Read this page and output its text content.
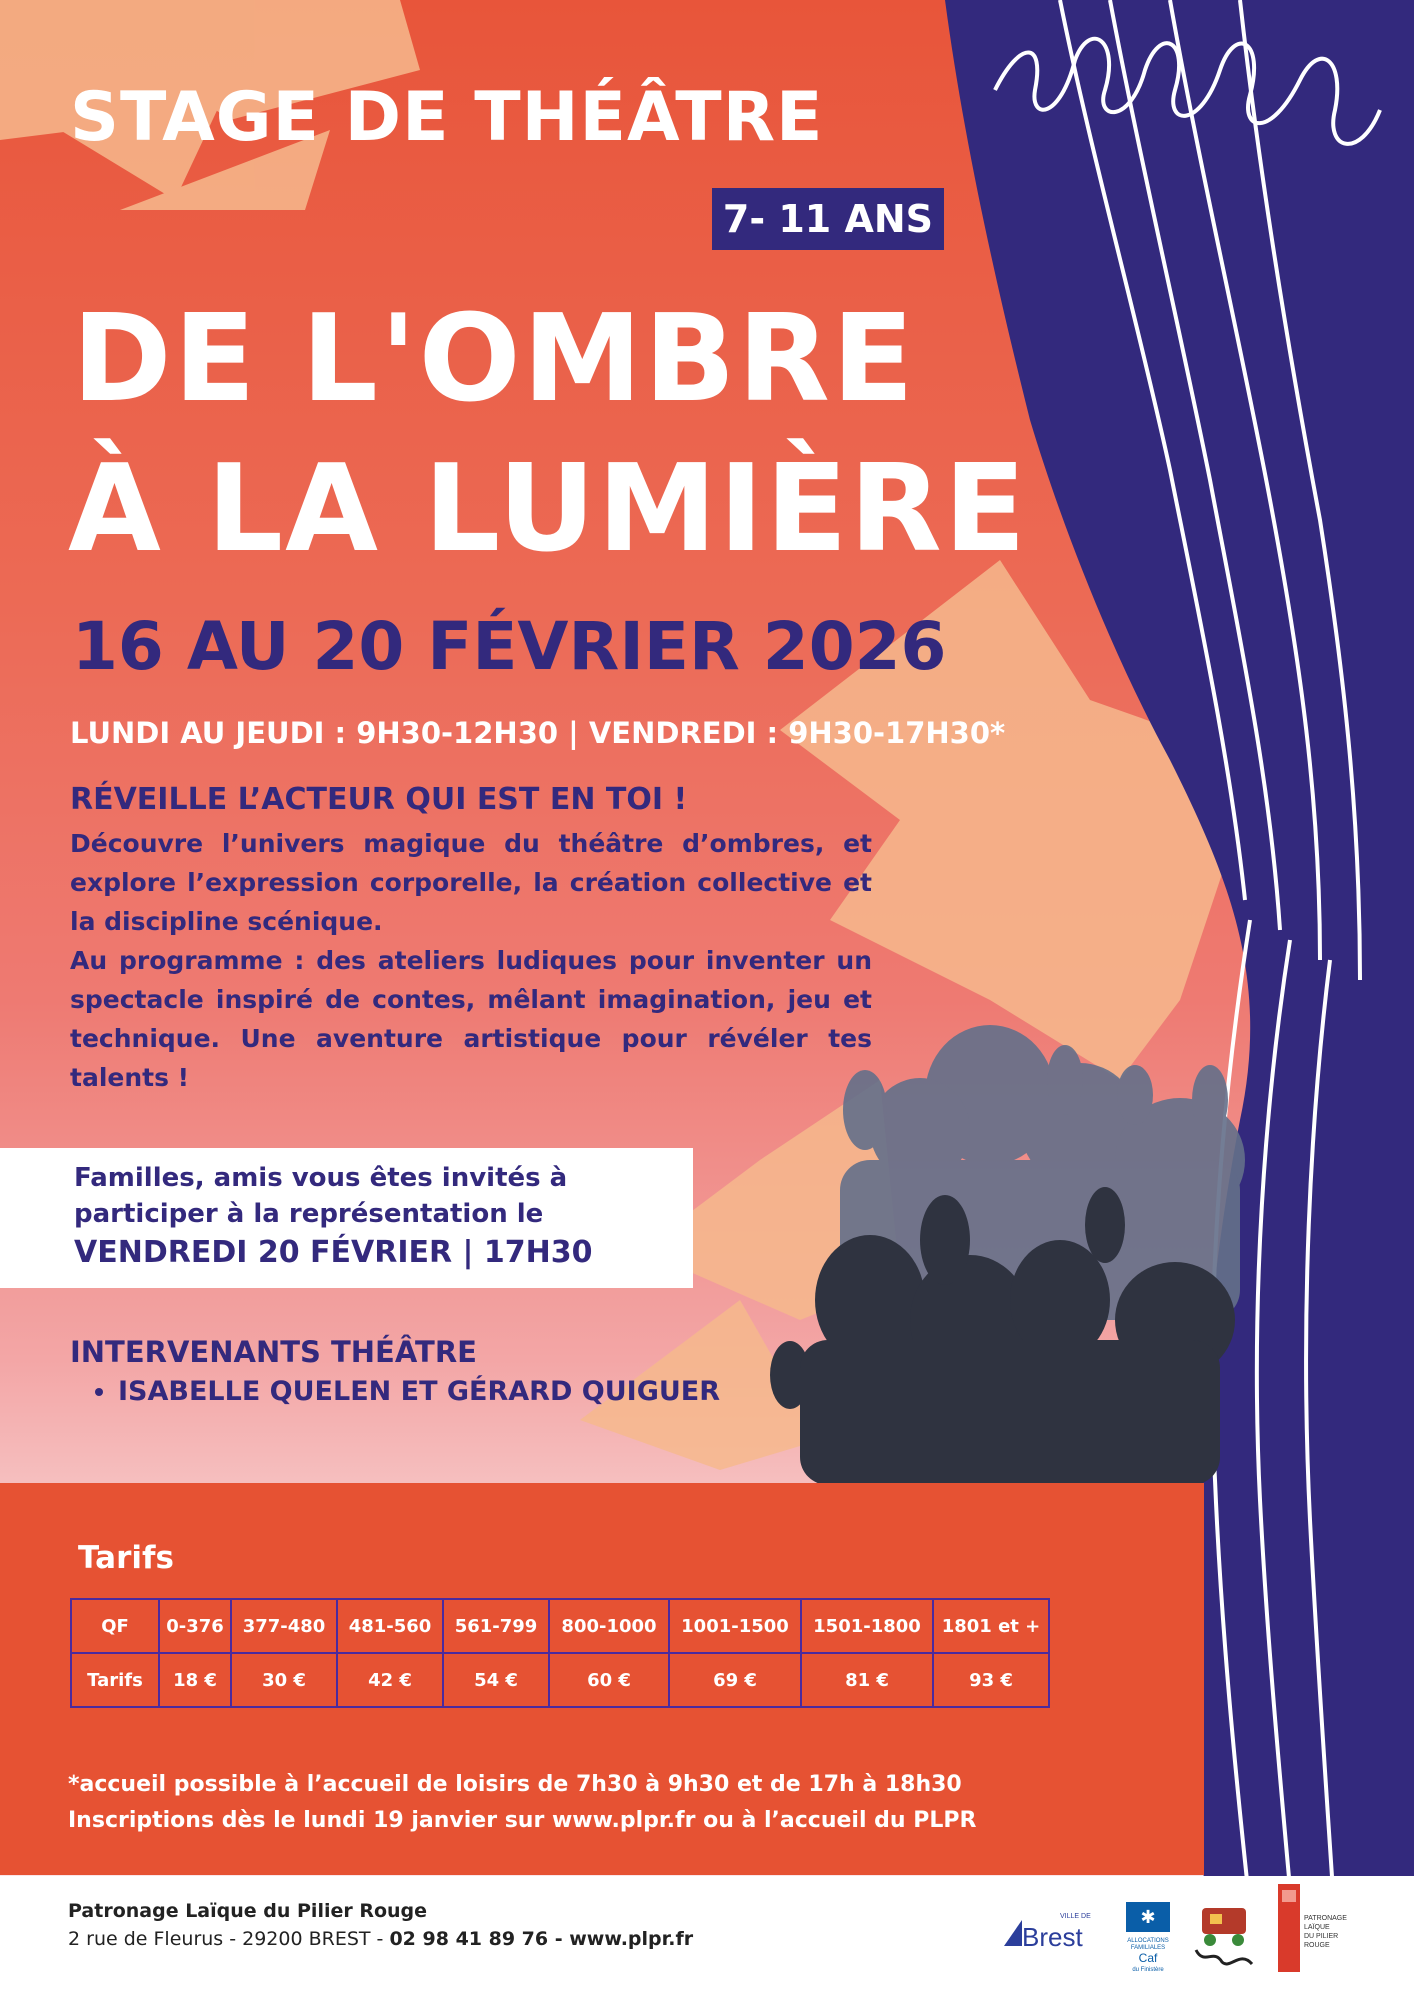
STAGE DE THÉÂTRE
7- 11 ANS
DE L'OMBRE
À LA LUMIÈRE
16 AU 20 FÉVRIER 2026
LUNDI AU JEUDI : 9H30-12H30 | VENDREDI : 9H30-17H30*
RÉVEILLE L’ACTEUR QUI EST EN TOI !

Découvre l’univers magique du théâtre d’ombres, et explore l’expression corporelle, la création collective et la discipline scénique.

Au programme : des ateliers ludiques pour inventer un spectacle inspiré de contes, mêlant imagination, jeu et technique. Une aventure artistique pour révéler tes talents !

Familles, amis vous êtes invités à participer à la représentation le
VENDREDI 20 FÉVRIER | 17H30
INTERVENANTS THÉÂTRE
• ISABELLE QUELEN ET GÉRARD QUIGUER
Tarifs
QF	0-376	377-480	481-560	561-799	800-1000	1001-1500	1501-1800	1801 et +
Tarifs	18 €	30 €	42 €	54 €	60 €	69 €	81 €	93 €
*accueil possible à l’accueil de loisirs de 7h30 à 9h30 et de 17h à 18h30
Inscriptions dès le lundi 19 janvier sur www.plpr.fr ou à l’accueil du PLPR
Patronage Laïque du Pilier Rouge
2 rue de Fleurus - 29200 BREST - 02 98 41 89 76 - www.plpr.fr
VILLE DE
Brest
✱
ALLOCATIONS
FAMILIALES
Caf
du Finistère
PATRONAGE
LAÏQUE
DU PILIER
ROUGE
